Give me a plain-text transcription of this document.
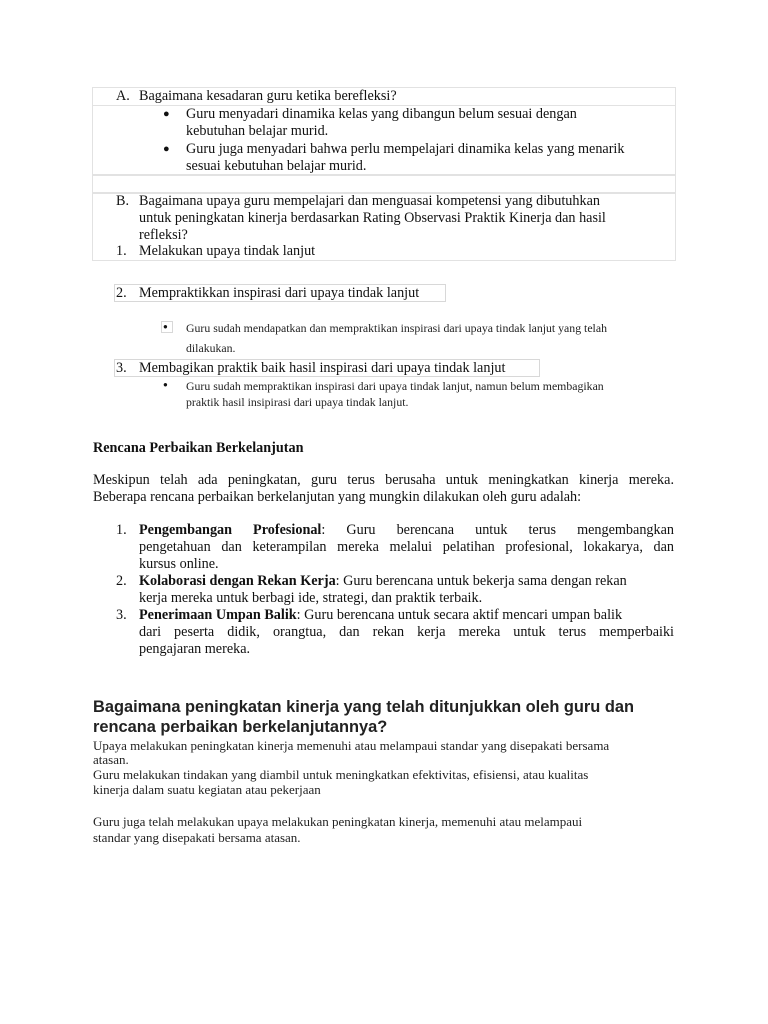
A. Bagaimana kesadaran guru ketika berefleksi?
● Guru menyadari dinamika kelas yang dibangun belum sesuai dengan
kebutuhan belajar murid.
● Guru juga menyadari bahwa perlu mempelajari dinamika kelas yang menarik
sesuai kebutuhan belajar murid.
B. Bagaimana upaya guru mempelajari dan menguasai kompetensi yang dibutuhkan
untuk peningkatan kinerja berdasarkan Rating Observasi Praktik Kinerja dan hasil
refleksi?
1. Melakukan upaya tindak lanjut
2. Mempraktikkan inspirasi dari upaya tindak lanjut
● Guru sudah mendapatkan dan mempraktikan inspirasi dari upaya tindak lanjut yang telah
dilakukan.
3. Membagikan praktik baik hasil inspirasi dari upaya tindak lanjut
● Guru sudah mempraktikan inspirasi dari upaya tindak lanjut, namun belum membagikan
praktik hasil insipirasi dari upaya tindak lanjut.
Rencana Perbaikan Berkelanjutan
Meskipun telah ada peningkatan, guru terus berusaha untuk meningkatkan kinerja mereka.
Beberapa rencana perbaikan berkelanjutan yang mungkin dilakukan oleh guru adalah:
1. Pengembangan Profesional: Guru berencana untuk terus mengembangkan
pengetahuan dan keterampilan mereka melalui pelatihan profesional, lokakarya, dan
kursus online.
2. Kolaborasi dengan Rekan Kerja: Guru berencana untuk bekerja sama dengan rekan
kerja mereka untuk berbagi ide, strategi, dan praktik terbaik.
3. Penerimaan Umpan Balik: Guru berencana untuk secara aktif mencari umpan balik
dari peserta didik, orangtua, dan rekan kerja mereka untuk terus memperbaiki
pengajaran mereka.
Bagaimana peningkatan kinerja yang telah ditunjukkan oleh guru dan
rencana perbaikan berkelanjutannya?
Upaya melakukan peningkatan kinerja memenuhi atau melampaui standar yang disepakati bersama
atasan.
Guru melakukan tindakan yang diambil untuk meningkatkan efektivitas, efisiensi, atau kualitas
kinerja dalam suatu kegiatan atau pekerjaan
Guru juga telah melakukan upaya melakukan peningkatan kinerja, memenuhi atau melampaui
standar yang disepakati bersama atasan.
